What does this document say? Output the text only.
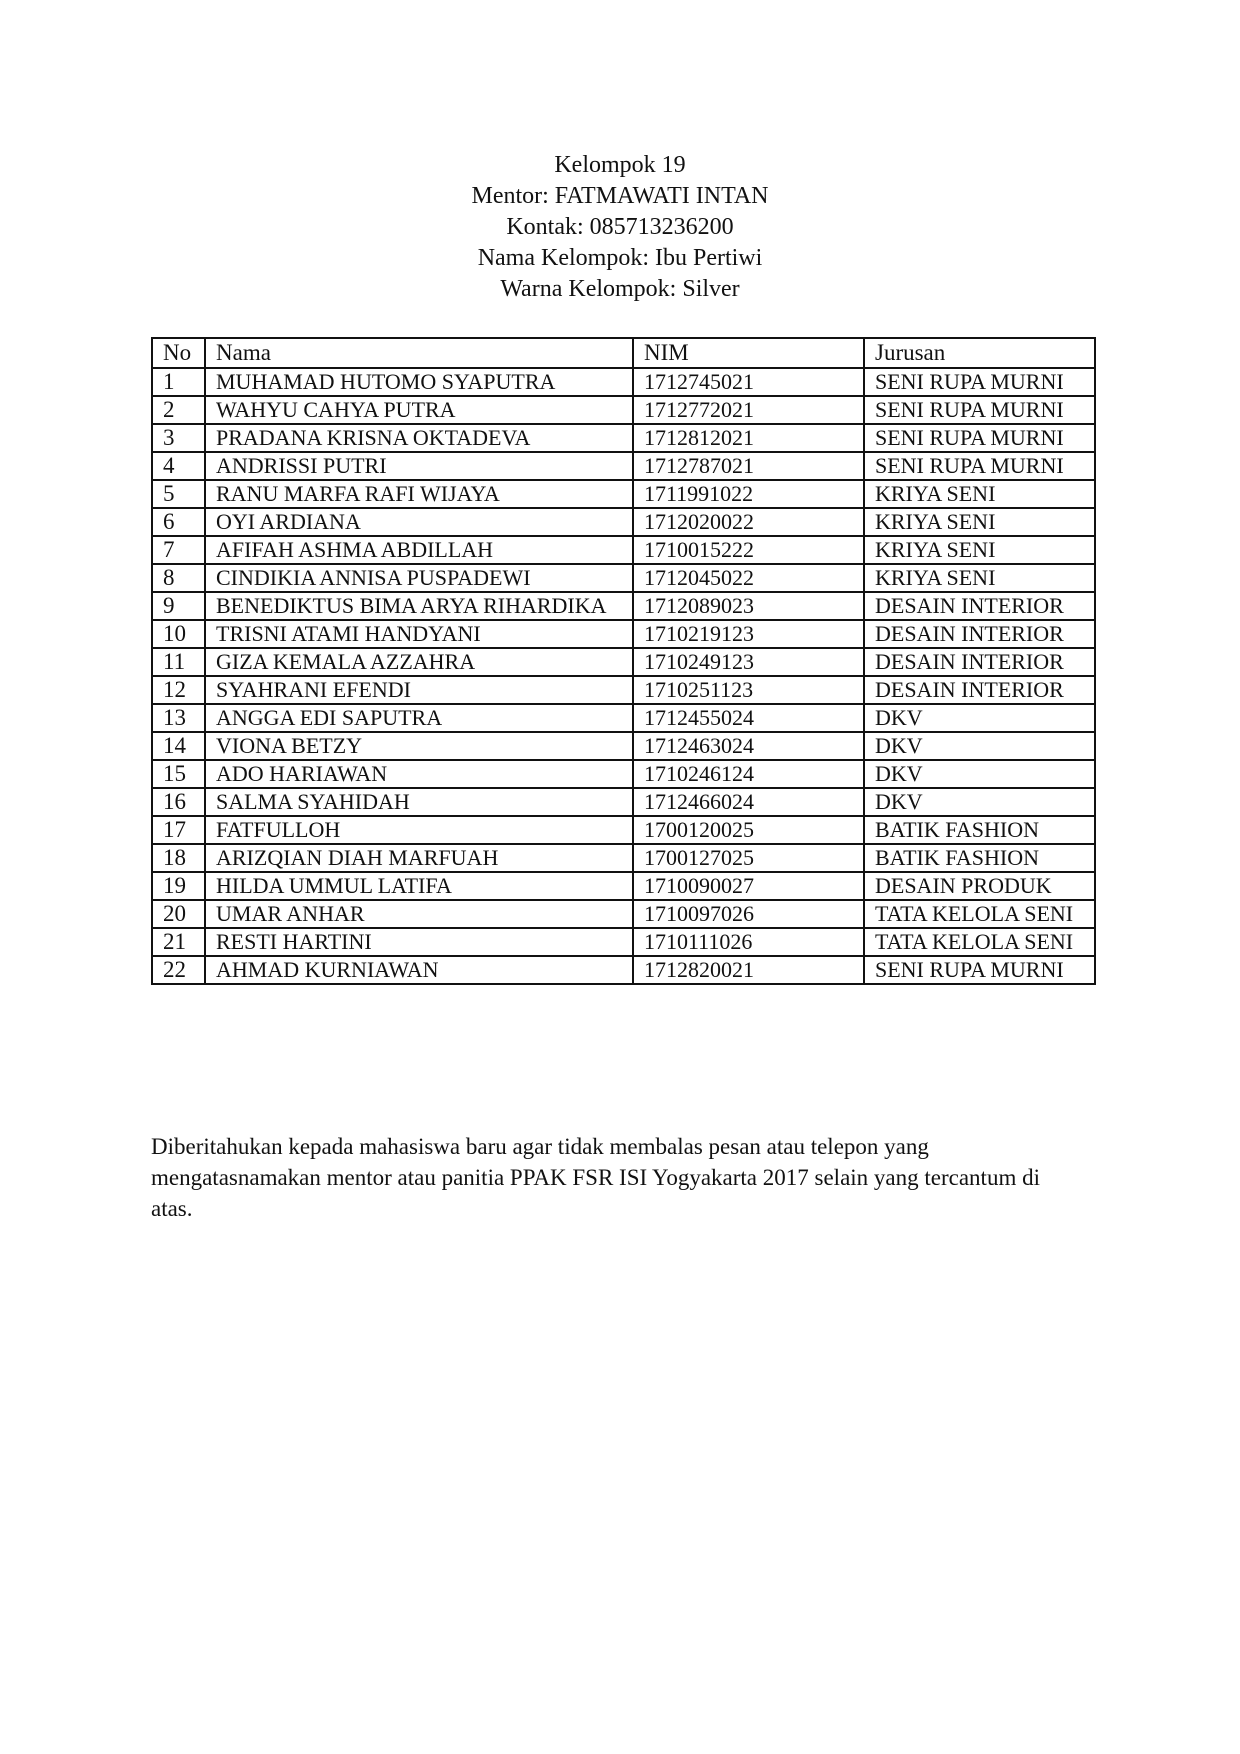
Kelompok 19
Mentor: FATMAWATI INTAN
Kontak: 085713236200
Nama Kelompok: Ibu Pertiwi
Warna Kelompok: Silver
No	Nama	NIM	Jurusan
1	MUHAMAD HUTOMO SYAPUTRA	1712745021	SENI RUPA MURNI
2	WAHYU CAHYA PUTRA	1712772021	SENI RUPA MURNI
3	PRADANA KRISNA OKTADEVA	1712812021	SENI RUPA MURNI
4	ANDRISSI PUTRI	1712787021	SENI RUPA MURNI
5	RANU MARFA RAFI WIJAYA	1711991022	KRIYA SENI
6	OYI ARDIANA	1712020022	KRIYA SENI
7	AFIFAH ASHMA ABDILLAH	1710015222	KRIYA SENI
8	CINDIKIA ANNISA PUSPADEWI	1712045022	KRIYA SENI
9	BENEDIKTUS BIMA ARYA RIHARDIKA	1712089023	DESAIN INTERIOR
10	TRISNI ATAMI HANDYANI	1710219123	DESAIN INTERIOR
11	GIZA KEMALA AZZAHRA	1710249123	DESAIN INTERIOR
12	SYAHRANI EFENDI	1710251123	DESAIN INTERIOR
13	ANGGA EDI SAPUTRA	1712455024	DKV
14	VIONA BETZY	1712463024	DKV
15	ADO HARIAWAN	1710246124	DKV
16	SALMA SYAHIDAH	1712466024	DKV
17	FATFULLOH	1700120025	BATIK FASHION
18	ARIZQIAN DIAH MARFUAH	1700127025	BATIK FASHION
19	HILDA UMMUL LATIFA	1710090027	DESAIN PRODUK
20	UMAR ANHAR	1710097026	TATA KELOLA SENI
21	RESTI HARTINI	1710111026	TATA KELOLA SENI
22	AHMAD KURNIAWAN	1712820021	SENI RUPA MURNI
Diberitahukan kepada mahasiswa baru agar tidak membalas pesan atau telepon yang mengatasnamakan mentor atau panitia PPAK FSR ISI Yogyakarta 2017 selain yang tercantum di atas.
